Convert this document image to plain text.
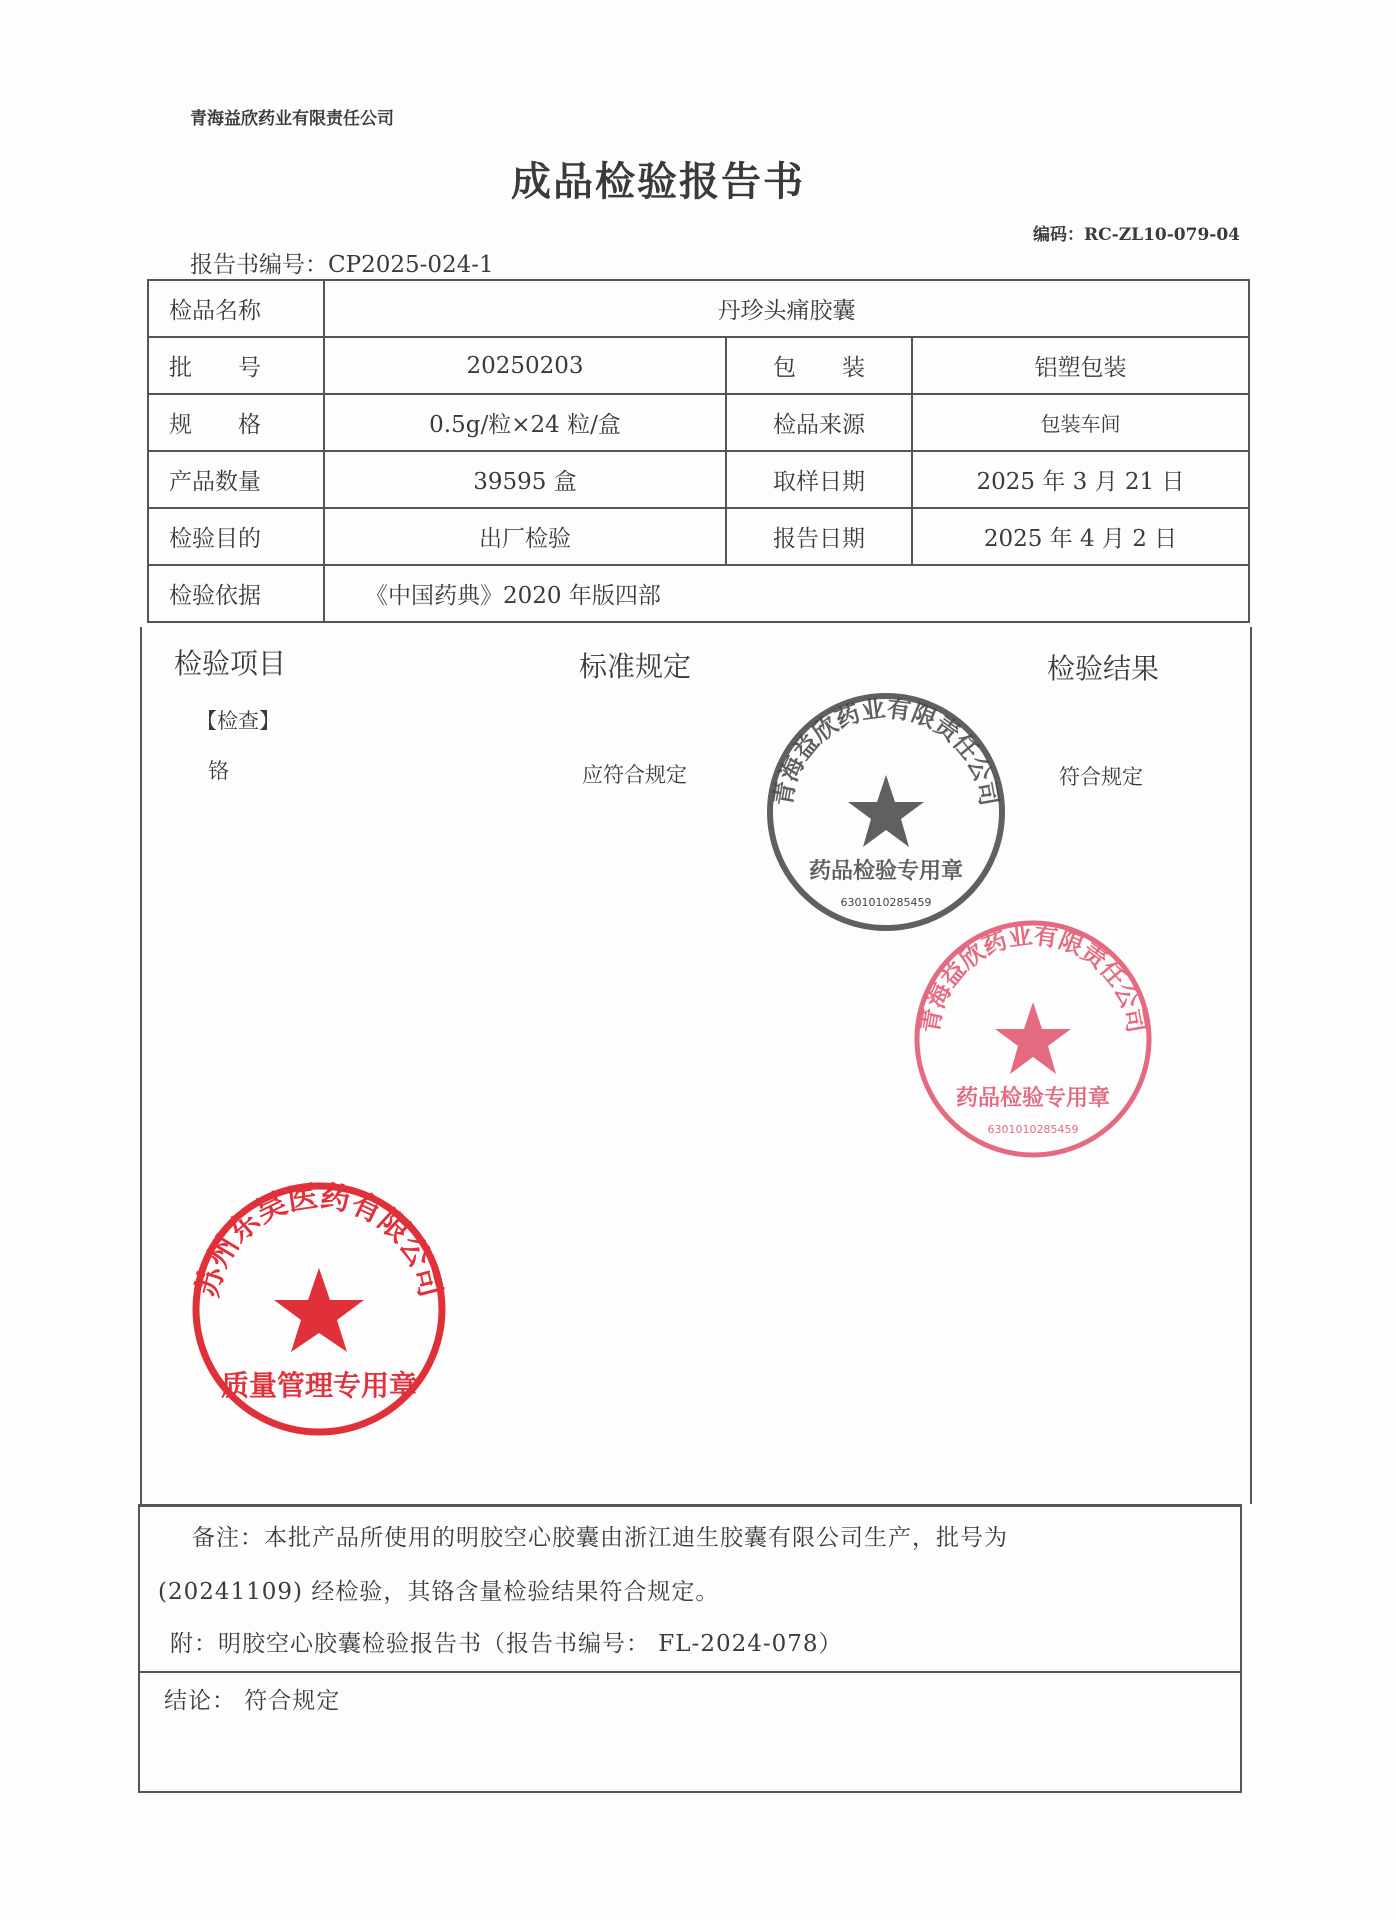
青海益欣药业有限责任公司
成品检验报告书
编码：RC-ZL10-079-04
报告书编号：CP2025-024-1
检品名称	丹珍头痛胶囊		
批　　号	20250203	包　　装	铝塑包装
规　　格	0.5g/粒×24 粒/盒	检品来源	包装车间
产品数量	39595 盒	取样日期	2025 年 3 月 21 日
检验目的	出厂检验	报告日期	2025 年 4 月 2 日
检验依据	《中国药典》2020 年版四部		
检验项目	标准规定	检验结果
【检查】
铬	应符合规定	符合规定
备注：本批产品所使用的明胶空心胶囊由浙江迪生胶囊有限公司生产，批号为
(20241109) 经检验，其铬含量检验结果符合规定。
附：明胶空心胶囊检验报告书（报告书编号： FL-2024-078）
结论： 符合规定
青海益欣药业有限责任公司
药品检验专用章
6301010285459
青海益欣药业有限责任公司
药品检验专用章
6301010285459
苏州东吴医药有限公司
质量管理专用章
